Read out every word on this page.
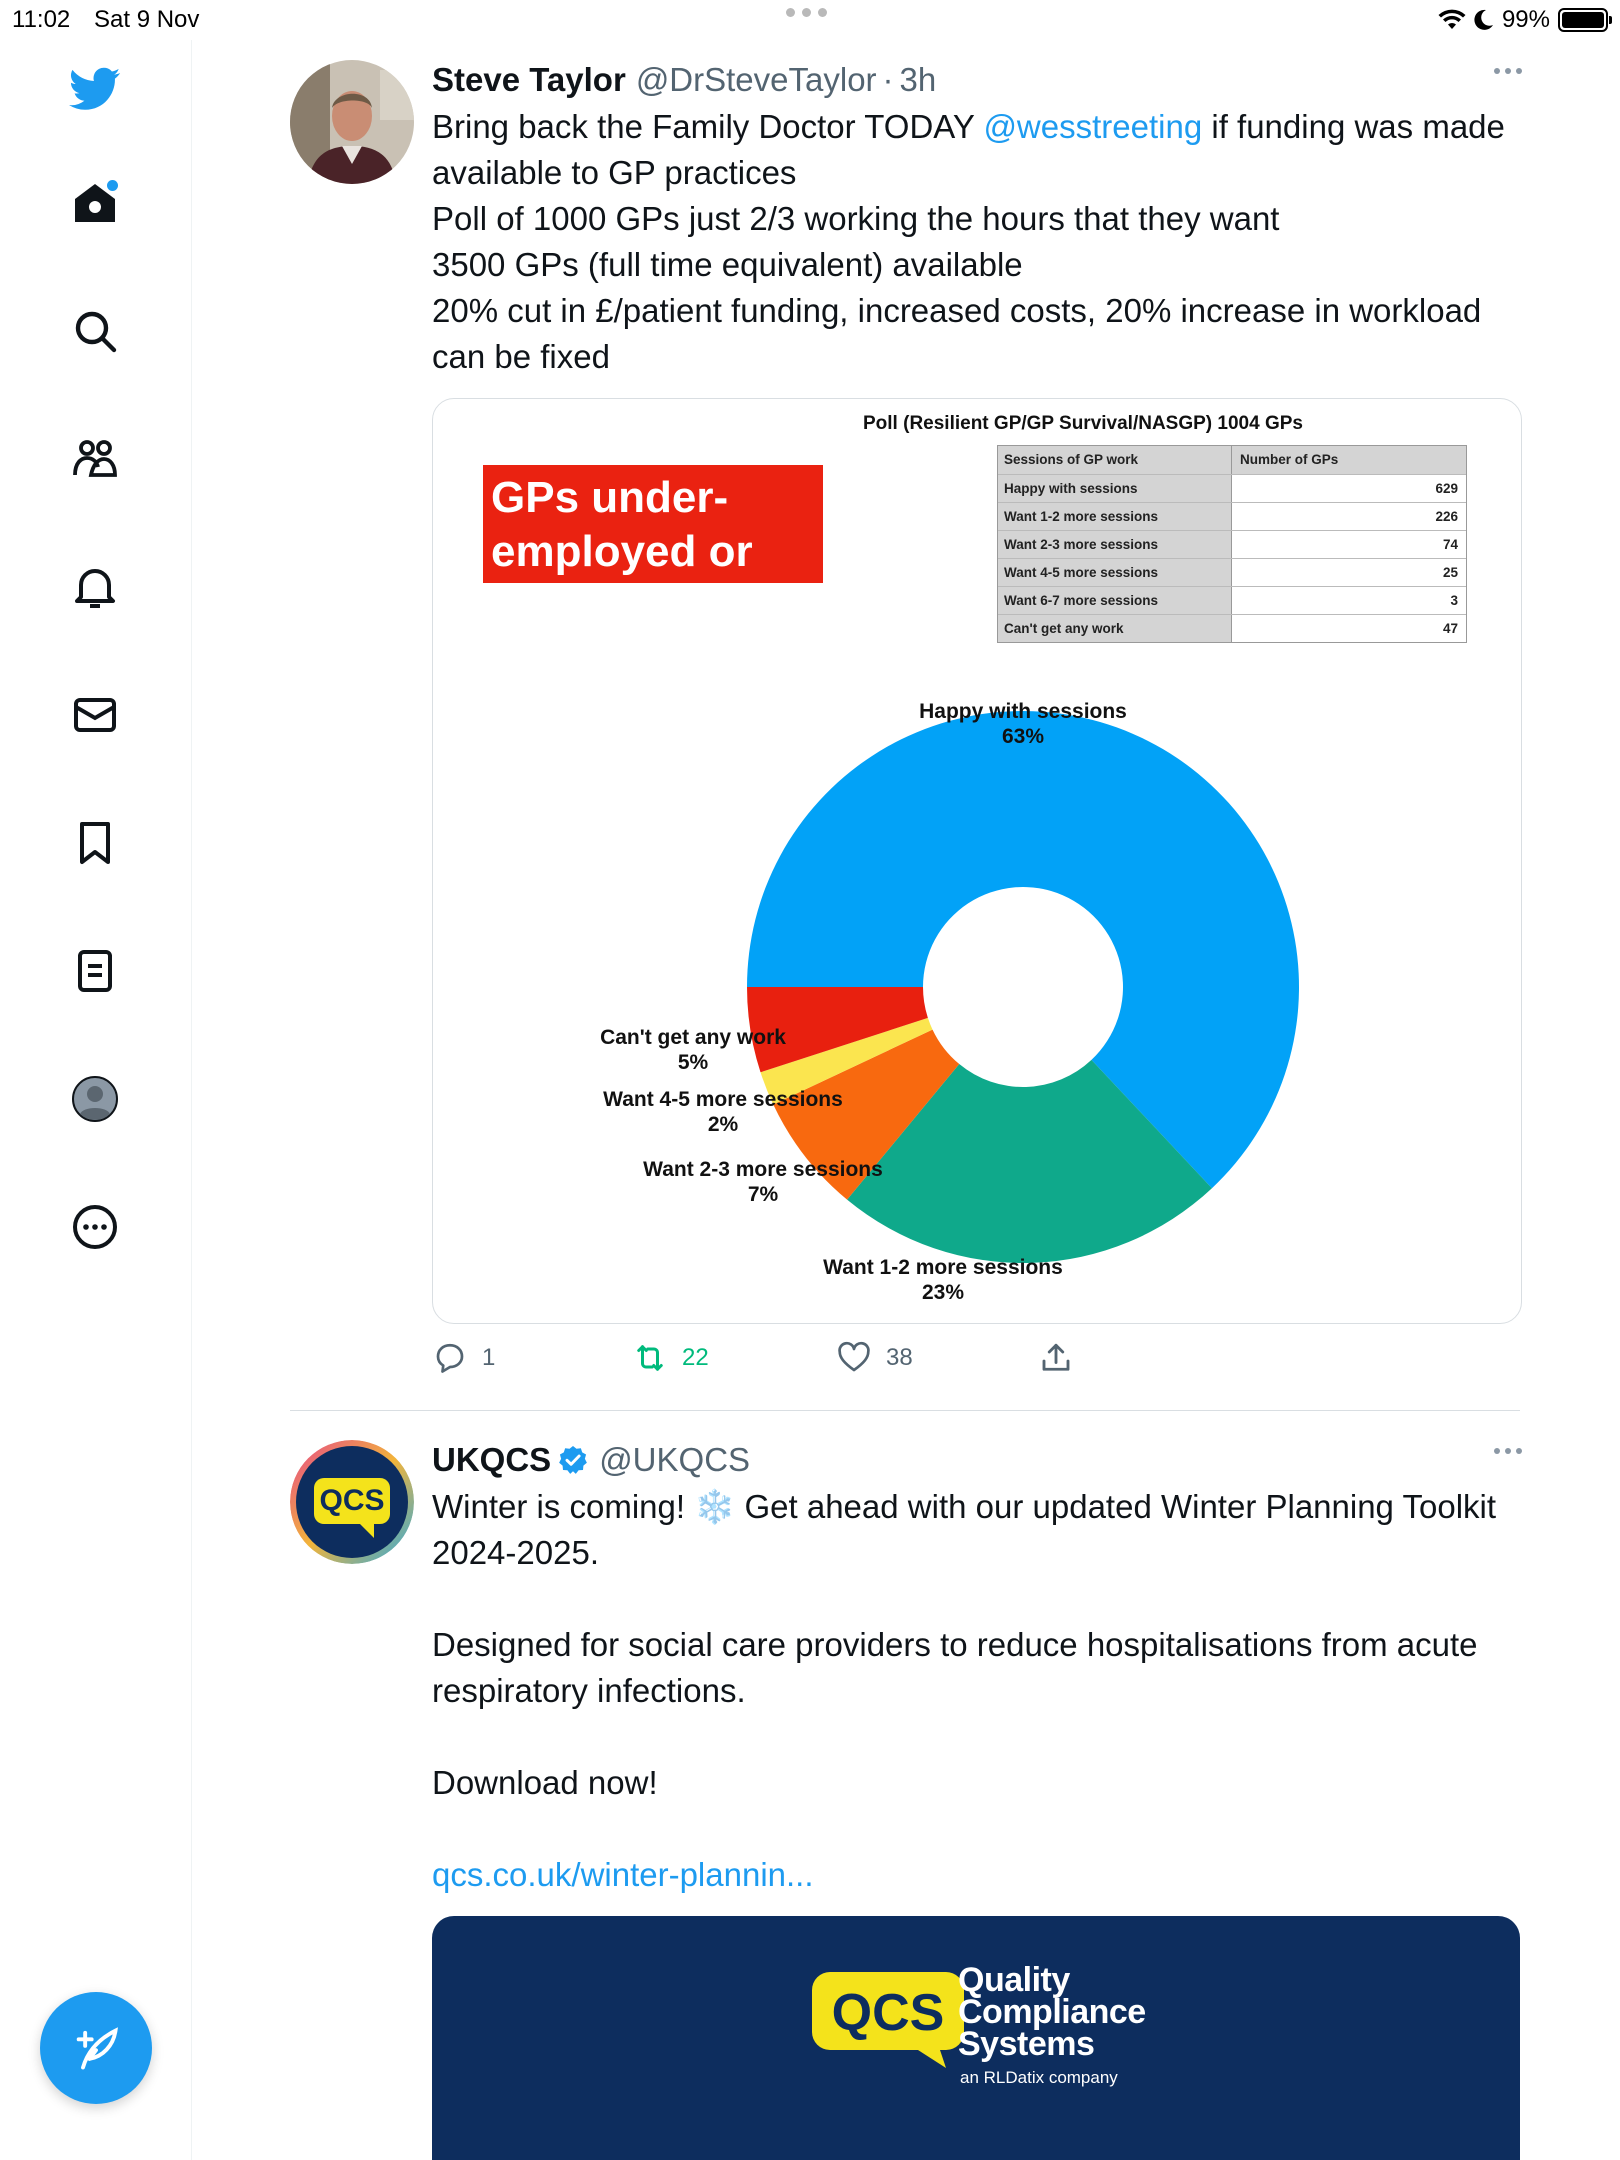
11:02 Sat 9 Nov	99%
Steve Taylor @DrSteveTaylor · 3h
Bring back the Family Doctor TODAY @wesstreeting if funding was made available to GP practices
Poll of 1000 GPs just 2/3 working the hours that they want
3500 GPs (full time equivalent) available
20% cut in £/patient funding, increased costs, 20% increase in workload can be fixed
GPs under-employed or out of work
Poll (Resilient GP/GP Survival/NASGP) 1004 GPs
Sessions of GP work	Number of GPs
Happy with sessions	629
Want 1-2 more sessions	226
Want 2-3 more sessions	74
Want 4-5 more sessions	25
Want 6-7 more sessions	3
Can't get any work	47
Happy with sessions
63%
Want 1-2 more sessions
23%
Want 2-3 more sessions
7%
Want 4-5 more sessions
2%
Can't get any work
5%
1	22	38
QCS
UKQCS @UKQCS
Winter is coming! ❄️ Get ahead with our updated Winter Planning Toolkit 2024-2025.
Designed for social care providers to reduce hospitalisations from acute respiratory infections.
Download now!
qcs.co.uk/winter-plannin...
QCS
Quality
Compliance
Systems
an RLDatix company
